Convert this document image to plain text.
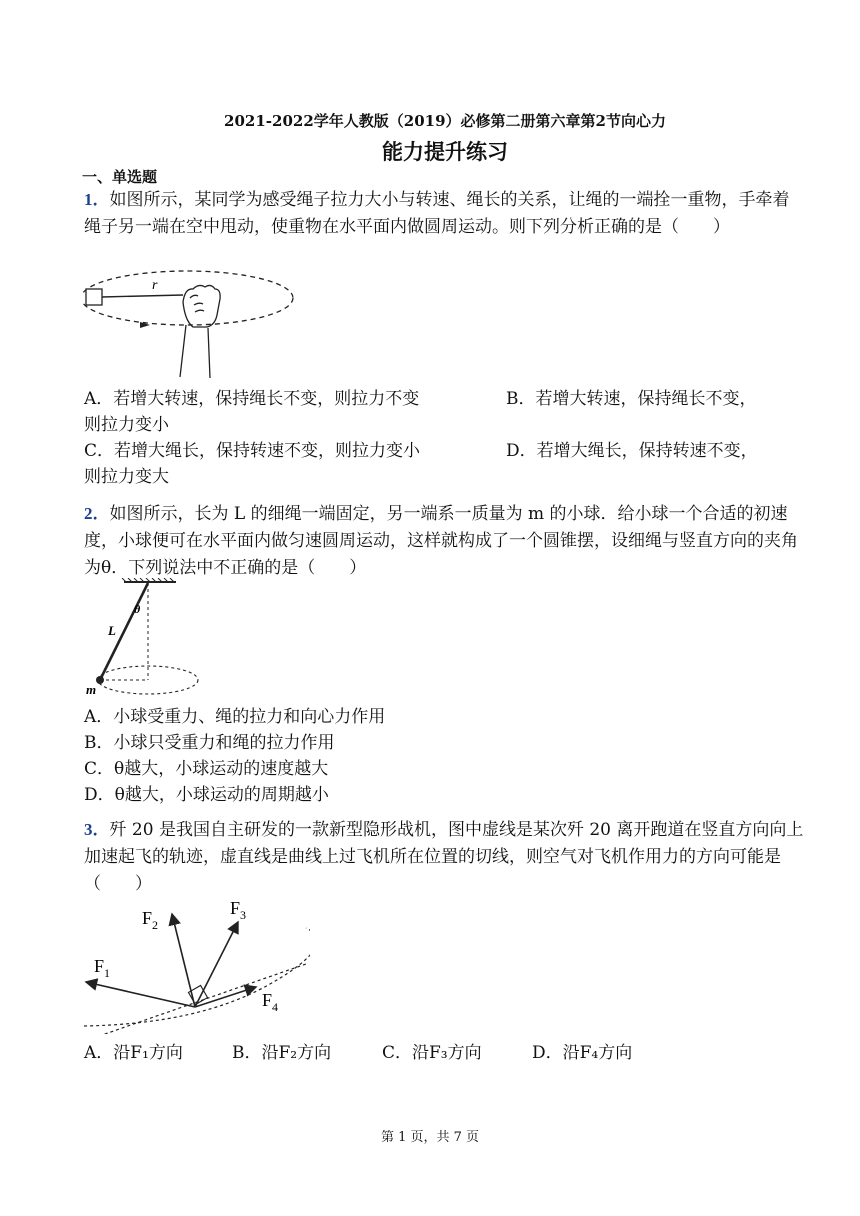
2021-2022学年人教版（2019）必修第二册第六章第2节向心力
能力提升练习
一、单选题
1．如图所示，某同学为感受绳子拉力大小与转速、绳长的关系，让绳的一端拴一重物，手牵着绳子另一端在空中甩动，使重物在水平面内做圆周运动。则下列分析正确的是（　　）
r
A．若增大转速，保持绳长不变，则拉力不变	B．若增大转速，保持绳长不变，
则拉力变小
C．若增大绳长，保持转速不变，则拉力变小	D．若增大绳长，保持转速不变，
则拉力变大
2．如图所示，长为 L 的细绳一端固定，另一端系一质量为 m 的小球．给小球一个合适的初速度，小球便可在水平面内做匀速圆周运动，这样就构成了一个圆锥摆，设细绳与竖直方向的夹角为θ．下列说法中不正确的是（　　）
θ
L
m
A．小球受重力、绳的拉力和向心力作用
B．小球只受重力和绳的拉力作用
C．θ越大，小球运动的速度越大
D．θ越大，小球运动的周期越小
3．歼 20 是我国自主研发的一款新型隐形战机，图中虚线是某次歼 20 离开跑道在竖直方向向上加速起飞的轨迹，虚直线是曲线上过飞机所在位置的切线，则空气对飞机作用力的方向可能是（　　）
$F_1$
$F_2$
$F_3$
$F_4$
A．沿F₁方向	B．沿F₂方向	C．沿F₃方向	D．沿F₄方向
第 1 页，共 7 页
